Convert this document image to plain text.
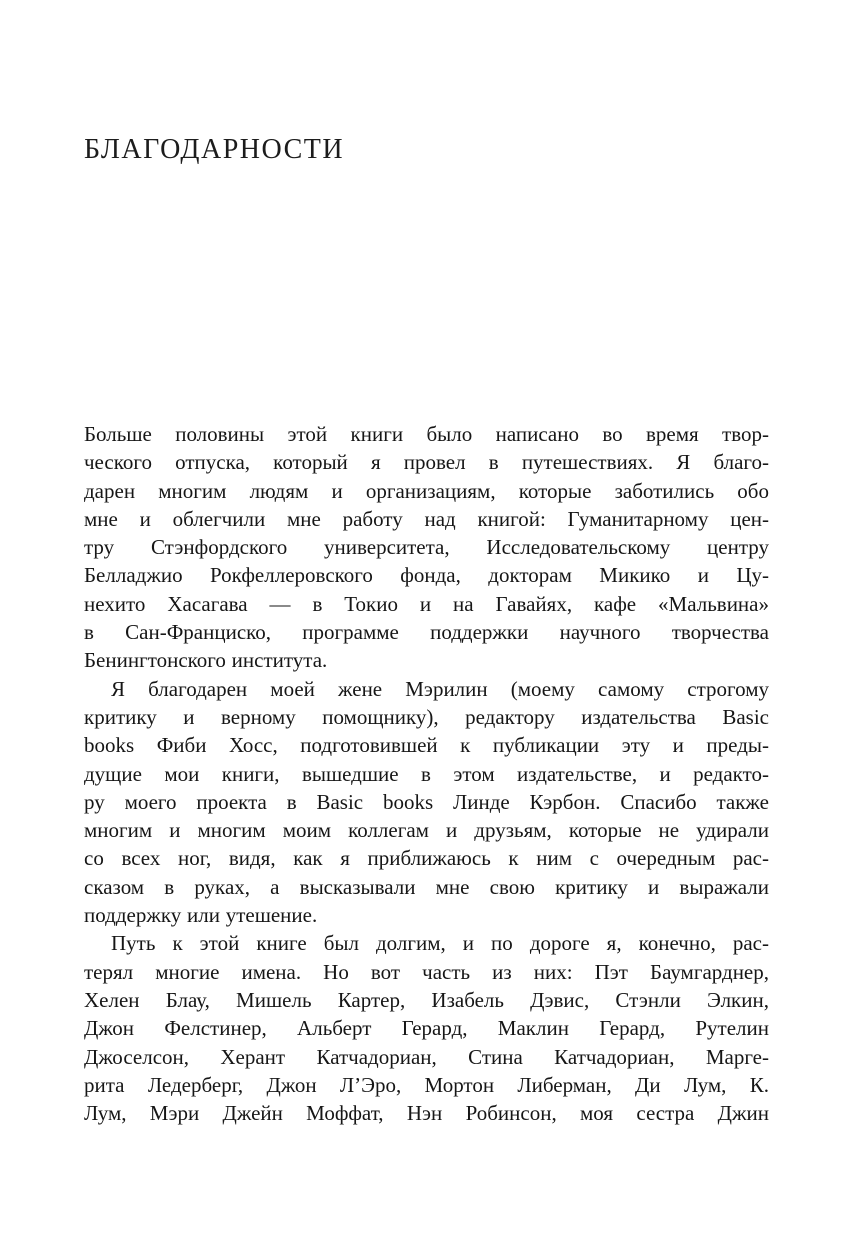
БЛАГОДАРНОСТИ
Больше половины этой книги было написано во время твор-
ческого отпуска, который я провел в путешествиях. Я благо-
дарен многим людям и организациям, которые заботились обо
мне и облегчили мне работу над книгой: Гуманитарному цен-
тру Стэнфордского университета, Исследовательскому центру
Белладжио Рокфеллеровского фонда, докторам Микико и Цу-
нехито Хасагава — в Токио и на Гавайях, кафе «Мальвина»
в Сан-Франциско, программе поддержки научного творчества
Бенингтонского института.
Я благодарен моей жене Мэрилин (моему самому строгому
критику и верному помощнику), редактору издательства Basic
books Фиби Хосс, подготовившей к публикации эту и преды-
дущие мои книги, вышедшие в этом издательстве, и редакто-
ру моего проекта в Basic books Линде Кэрбон. Спасибо также
многим и многим моим коллегам и друзьям, которые не удирали
со всех ног, видя, как я приближаюсь к ним с очередным рас-
сказом в руках, а высказывали мне свою критику и выражали
поддержку или утешение.
Путь к этой книге был долгим, и по дороге я, конечно, рас-
терял многие имена. Но вот часть из них: Пэт Баумгарднер,
Хелен Блау, Мишель Картер, Изабель Дэвис, Стэнли Элкин,
Джон Фелстинер, Альберт Герард, Маклин Герард, Рутелин
Джоселсон, Херант Катчадориан, Стина Катчадориан, Марге-
рита Ледерберг, Джон Л’Эро, Мортон Либерман, Ди Лум, К.
Лум, Мэри Джейн Моффат, Нэн Робинсон, моя сестра Джин
